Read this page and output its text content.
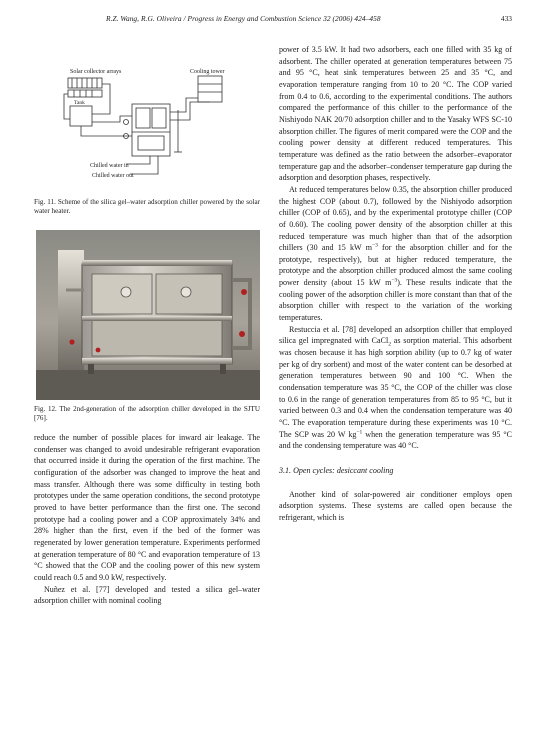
R.Z. Wang, R.G. Oliveira / Progress in Energy and Combustion Science 32 (2006) 424–458	433
Solar collector arrays	Cooling tower
Tank
Chilled water in
Chilled water out
Fig. 11. Scheme of the silica gel–water adsorption chiller powered by the solar water heater.
Fig. 12. The 2nd-generation of the adsorption chiller developed in the SJTU [76].

reduce the number of possible places for inward air leakage. The condenser was changed to avoid undesirable refrigerant evaporation that occurred inside it during the operation of the first machine. The configuration of the adsorber was changed to improve the heat and mass transfer. Although there was some difficulty in testing both prototypes under the same operation conditions, the second prototype proved to have better performance than the first one. The second prototype had a cooling power and a COP approximately 34% and 28% higher than the first, even if the bed of the former was regenerated by lower generation temperature. Experiments performed at generation temperature of 80 °C and evaporation temperature of 13 °C showed that the COP and the cooling power of this new system could reach 0.5 and 9.0 kW, respectively.

Nuñez et al. [77] developed and tested a silica gel–water adsorption chiller with nominal cooling

power of 3.5 kW. It had two adsorbers, each one filled with 35 kg of adsorbent. The chiller operated at generation temperatures between 75 and 95 °C, heat sink temperatures between 25 and 35 °C, and evaporation temperature ranging from 10 to 20 °C. The COP varied from 0.4 to 0.6, according to the experimental conditions. The authors compared the performance of this chiller to the performance of the Nishiyodo NAK 20/70 adsorption chiller and to the Yasaky WFS SC-10 absorption chiller. The figures of merit compared were the COP and the cooling power density at different reduced temperatures. This temperature was defined as the ratio between the adsorber–evaporator temperature gap and the adsorber–condenser temperature gap during the adsorption and desorption phases, respectively.

At reduced temperatures below 0.35, the absorption chiller produced the highest COP (about 0.7), followed by the Nishiyodo adsorption chiller (COP of 0.65), and by the experimental prototype chiller (COP of 0.60). The cooling power density of the absorption chiller at this reduced temperature was much higher than that of the adsorption chillers (30 and 15 kW $m^{-3}$ for the absorption chiller and for the prototype, respectively), but at higher reduced temperature, the prototype and the absorption chiller produced almost the same cooling power density (about 15 kW $m^{-3}$). These results indicate that the cooling power of the adsorption chiller is more constant than that of the absorption chiller with respect to the variation of the working temperatures.

Restuccia et al. [78] developed an adsorption chiller that employed silica gel impregnated with CaCl$_2$ as sorption material. This adsorbent was chosen because it has high sorption ability (up to 0.7 kg of water per kg of dry sorbent) and most of the water content can be desorbed at generation temperatures between 90 and 100 °C. When the condensation temperature was 35 °C, the COP of the chiller was close to 0.6 in the range of generation temperatures from 85 to 95 °C, but it varied between 0.3 and 0.4 when the condensation temperature was 40 °C. The evaporation temperature during these experiments was 10 °C. The SCP was 20 W $kg^{-1}$ when the generation temperature was 95 °C and the condensing temperature was 40 °C.

3.1. Open cycles: desiccant cooling

Another kind of solar-powered air conditioner employs open adsorption systems. These systems are called open because the refrigerant, which is
